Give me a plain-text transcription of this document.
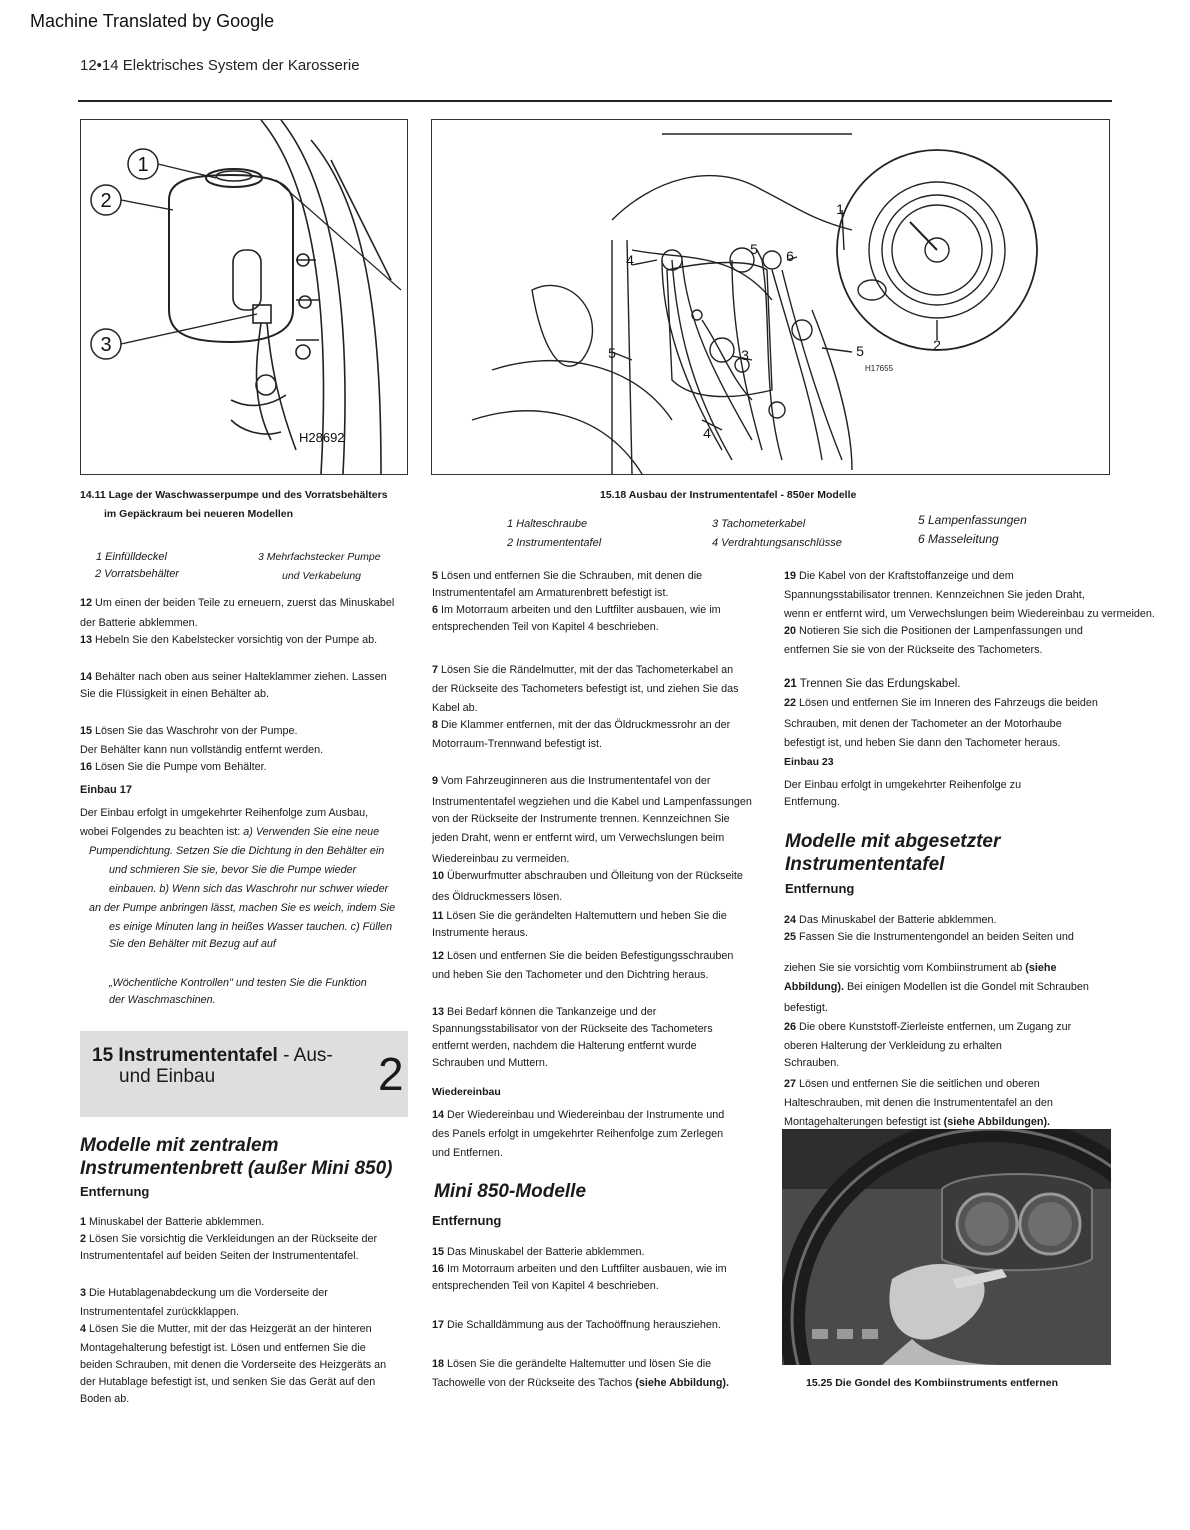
Machine Translated by Google
12•14 Elektrisches System der Karosserie
1
2
3
H28692
1
2
3
4
4
5
5	5
6
H17655
14.11 Lage der Waschwasserpumpe und des Vorratsbehälters
im Gepäckraum bei neueren Modellen
1 Einfülldeckel
2 Vorratsbehälter
3 Mehrfachstecker Pumpe
und Verkabelung
15.18 Ausbau der Instrumententafel - 850er Modelle
1 Halteschraube
2 Instrumententafel
3 Tachometerkabel
4 Verdrahtungsanschlüsse
5 Lampenfassungen
6 Masseleitung

12 Um einen der beiden Teile zu erneuern, zuerst das Minuskabel

der Batterie abklemmen.

13 Hebeln Sie den Kabelstecker vorsichtig von der Pumpe ab.

14 Behälter nach oben aus seiner Halteklammer ziehen. Lassen

Sie die Flüssigkeit in einen Behälter ab.

15 Lösen Sie das Waschrohr von der Pumpe.

Der Behälter kann nun vollständig entfernt werden.

16 Lösen Sie die Pumpe vom Behälter.

Einbau 17

Der Einbau erfolgt in umgekehrter Reihenfolge zum Ausbau,

wobei Folgendes zu beachten ist: a) Verwenden Sie eine neue

Pumpendichtung. Setzen Sie die Dichtung in den Behälter ein

und schmieren Sie sie, bevor Sie die Pumpe wieder

einbauen. b) Wenn sich das Waschrohr nur schwer wieder

an der Pumpe anbringen lässt, machen Sie es weich, indem Sie

es einige Minuten lang in heißes Wasser tauchen. c) Füllen

Sie den Behälter mit Bezug auf auf

„Wöchentliche Kontrollen" und testen Sie die Funktion

der Waschmaschinen.

15 Instrumententafel - Aus-
und Einbau	2
Modelle mit zentralem
Instrumentenbrett (außer Mini 850)
Entfernung

1 Minuskabel der Batterie abklemmen.

2 Lösen Sie vorsichtig die Verkleidungen an der Rückseite der

Instrumententafel auf beiden Seiten der Instrumententafel.

3 Die Hutablagenabdeckung um die Vorderseite der

Instrumententafel zurückklappen.

4 Lösen Sie die Mutter, mit der das Heizgerät an der hinteren

Montagehalterung befestigt ist. Lösen und entfernen Sie die

beiden Schrauben, mit denen die Vorderseite des Heizgeräts an

der Hutablage befestigt ist, und senken Sie das Gerät auf den

Boden ab.

5 Lösen und entfernen Sie die Schrauben, mit denen die

Instrumententafel am Armaturenbrett befestigt ist.

6 Im Motorraum arbeiten und den Luftfilter ausbauen, wie im

entsprechenden Teil von Kapitel 4 beschrieben.

7 Lösen Sie die Rändelmutter, mit der das Tachometerkabel an

der Rückseite des Tachometers befestigt ist, und ziehen Sie das

Kabel ab.

8 Die Klammer entfernen, mit der das Öldruckmessrohr an der

Motorraum-Trennwand befestigt ist.

9 Vom Fahrzeuginneren aus die Instrumententafel von der

Instrumententafel wegziehen und die Kabel und Lampenfassungen

von der Rückseite der Instrumente trennen. Kennzeichnen Sie

jeden Draht, wenn er entfernt wird, um Verwechslungen beim

Wiedereinbau zu vermeiden.

10 Überwurfmutter abschrauben und Ölleitung von der Rückseite

des Öldruckmessers lösen.

11 Lösen Sie die gerändelten Haltemuttern und heben Sie die

Instrumente heraus.

12 Lösen und entfernen Sie die beiden Befestigungsschrauben

und heben Sie den Tachometer und den Dichtring heraus.

13 Bei Bedarf können die Tankanzeige und der

Spannungsstabilisator von der Rückseite des Tachometers

entfernt werden, nachdem die Halterung entfernt wurde

Schrauben und Muttern.

Wiedereinbau

14 Der Wiedereinbau und Wiedereinbau der Instrumente und

des Panels erfolgt in umgekehrter Reihenfolge zum Zerlegen

und Entfernen.

Mini 850-Modelle
Entfernung

15 Das Minuskabel der Batterie abklemmen.

16 Im Motorraum arbeiten und den Luftfilter ausbauen, wie im

entsprechenden Teil von Kapitel 4 beschrieben.

17 Die Schalldämmung aus der Tachoöffnung herausziehen.

18 Lösen Sie die gerändelte Haltemutter und lösen Sie die

Tachowelle von der Rückseite des Tachos (siehe Abbildung).

19 Die Kabel von der Kraftstoffanzeige und dem

Spannungsstabilisator trennen. Kennzeichnen Sie jeden Draht,

wenn er entfernt wird, um Verwechslungen beim Wiedereinbau zu vermeiden.

20 Notieren Sie sich die Positionen der Lampenfassungen und

entfernen Sie sie von der Rückseite des Tachometers.

21 Trennen Sie das Erdungskabel.

22 Lösen und entfernen Sie im Inneren des Fahrzeugs die beiden

Schrauben, mit denen der Tachometer an der Motorhaube

befestigt ist, und heben Sie dann den Tachometer heraus.

Einbau 23

Der Einbau erfolgt in umgekehrter Reihenfolge zu

Entfernung.

Modelle mit abgesetzter
Instrumententafel
Entfernung

24 Das Minuskabel der Batterie abklemmen.

25 Fassen Sie die Instrumentengondel an beiden Seiten und

ziehen Sie sie vorsichtig vom Kombiinstrument ab (siehe

Abbildung). Bei einigen Modellen ist die Gondel mit Schrauben

befestigt.

26 Die obere Kunststoff-Zierleiste entfernen, um Zugang zur

oberen Halterung der Verkleidung zu erhalten

Schrauben.

27 Lösen und entfernen Sie die seitlichen und oberen

Halteschrauben, mit denen die Instrumententafel an den

Montagehalterungen befestigt ist (siehe Abbildungen).

15.25 Die Gondel des Kombiinstruments entfernen
